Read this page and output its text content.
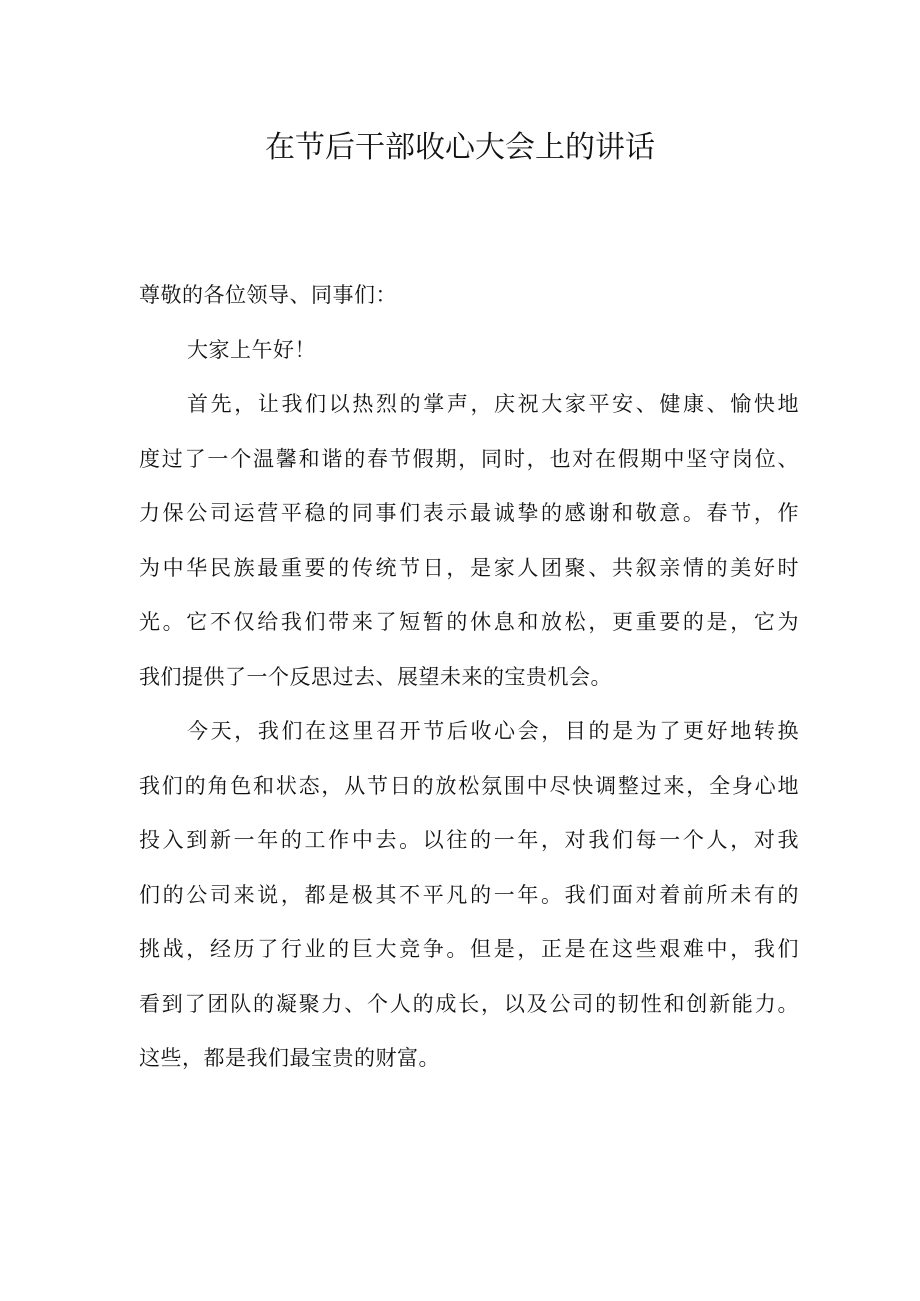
在节后干部收心大会上的讲话
尊敬的各位领导、同事们：
大家上午好！
首先，让我们以热烈的掌声，庆祝大家平安、健康、愉快地
度过了一个温馨和谐的春节假期，同时，也对在假期中坚守岗位、
力保公司运营平稳的同事们表示最诚挚的感谢和敬意。春节，作
为中华民族最重要的传统节日，是家人团聚、共叙亲情的美好时
光。它不仅给我们带来了短暂的休息和放松，更重要的是，它为
我们提供了一个反思过去、展望未来的宝贵机会。
今天，我们在这里召开节后收心会，目的是为了更好地转换
我们的角色和状态，从节日的放松氛围中尽快调整过来，全身心地
投入到新一年的工作中去。以往的一年，对我们每一个人，对我
们的公司来说，都是极其不平凡的一年。我们面对着前所未有的
挑战，经历了行业的巨大竞争。但是，正是在这些艰难中，我们
看到了团队的凝聚力、个人的成长，以及公司的韧性和创新能力。
这些，都是我们最宝贵的财富。
